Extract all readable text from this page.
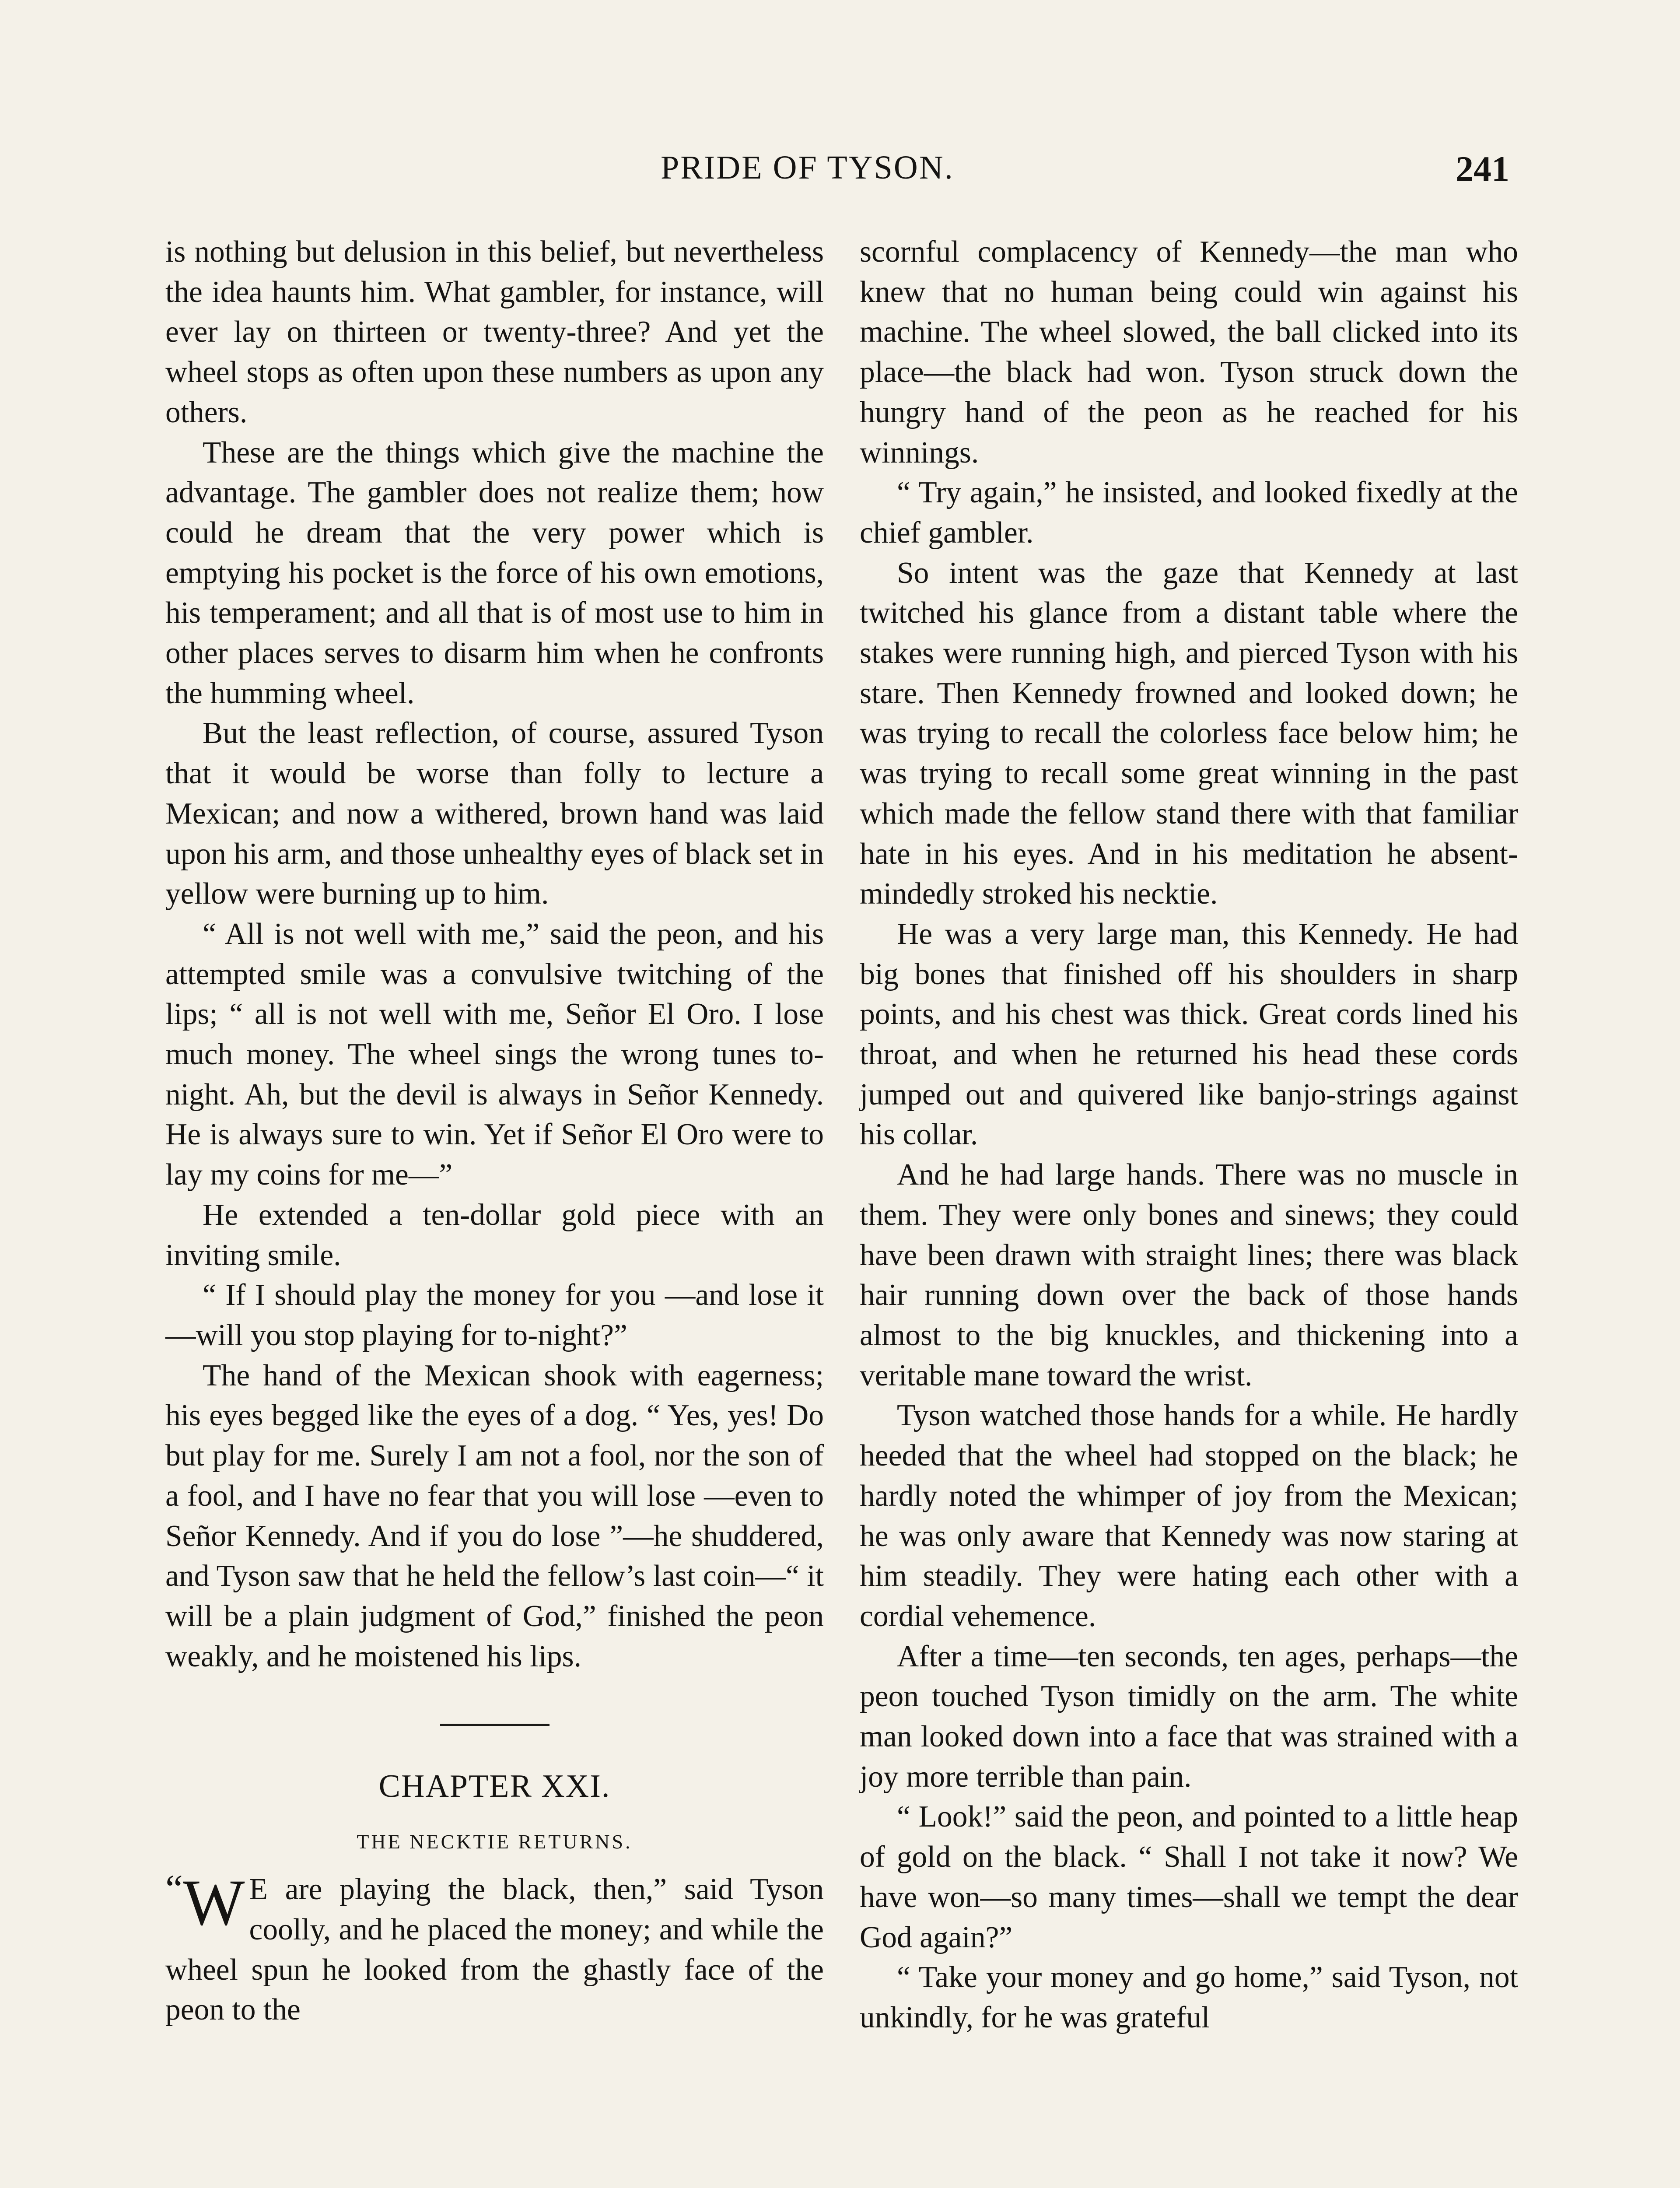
PRIDE OF TYSON.	241

is nothing but delusion in this belief, but nevertheless the idea haunts him. What gambler, for instance, will ever lay on thirteen or twenty-three? And yet the wheel stops as often upon these numbers as upon any others.

These are the things which give the machine the advantage. The gambler does not realize them; how could he dream that the very power which is emptying his pocket is the force of his own emotions, his temperament; and all that is of most use to him in other places serves to disarm him when he confronts the humming wheel.

But the least reflection, of course, assured Tyson that it would be worse than folly to lecture a Mexican; and now a withered, brown hand was laid upon his arm, and those unhealthy eyes of black set in yellow were burning up to him.

“ All is not well with me,” said the peon, and his attempted smile was a convulsive twitching of the lips; “ all is not well with me, Señor El Oro. I lose much money. The wheel sings the wrong tunes to-night. Ah, but the devil is always in Señor Kennedy. He is always sure to win. Yet if Señor El Oro were to lay my coins for me—”

He extended a ten-dollar gold piece with an inviting smile.

“ If I should play the money for you —and lose it—will you stop playing for to-night?”

The hand of the Mexican shook with eagerness; his eyes begged like the eyes of a dog. “ Yes, yes! Do but play for me. Surely I am not a fool, nor the son of a fool, and I have no fear that you will lose —even to Señor Kennedy. And if you do lose ”—he shuddered, and Tyson saw that he held the fellow’s last coin—“ it will be a plain judgment of God,” finished the peon weakly, and he moistened his lips.

CHAPTER XXI.
THE NECKTIE RETURNS.

“ W E are playing the black, then,” said Tyson coolly, and he placed the money; and while the wheel spun he looked from the ghastly face of the peon to the

scornful complacency of Kennedy—the man who knew that no human being could win against his machine. The wheel slowed, the ball clicked into its place—the black had won. Tyson struck down the hungry hand of the peon as he reached for his winnings.

“ Try again,” he insisted, and looked fixedly at the chief gambler.

So intent was the gaze that Kennedy at last twitched his glance from a distant table where the stakes were running high, and pierced Tyson with his stare. Then Kennedy frowned and looked down; he was trying to recall the colorless face below him; he was trying to recall some great winning in the past which made the fellow stand there with that familiar hate in his eyes. And in his meditation he absent-mindedly stroked his necktie.

He was a very large man, this Kennedy. He had big bones that finished off his shoulders in sharp points, and his chest was thick. Great cords lined his throat, and when he returned his head these cords jumped out and quivered like banjo-strings against his collar.

And he had large hands. There was no muscle in them. They were only bones and sinews; they could have been drawn with straight lines; there was black hair running down over the back of those hands almost to the big knuckles, and thickening into a veritable mane toward the wrist.

Tyson watched those hands for a while. He hardly heeded that the wheel had stopped on the black; he hardly noted the whimper of joy from the Mexican; he was only aware that Kennedy was now staring at him steadily. They were hating each other with a cordial vehemence.

After a time—ten seconds, ten ages, perhaps—the peon touched Tyson timidly on the arm. The white man looked down into a face that was strained with a joy more terrible than pain.

“ Look!” said the peon, and pointed to a little heap of gold on the black. “ Shall I not take it now? We have won—so many times—shall we tempt the dear God again?”

“ Take your money and go home,” said Tyson, not unkindly, for he was grateful
